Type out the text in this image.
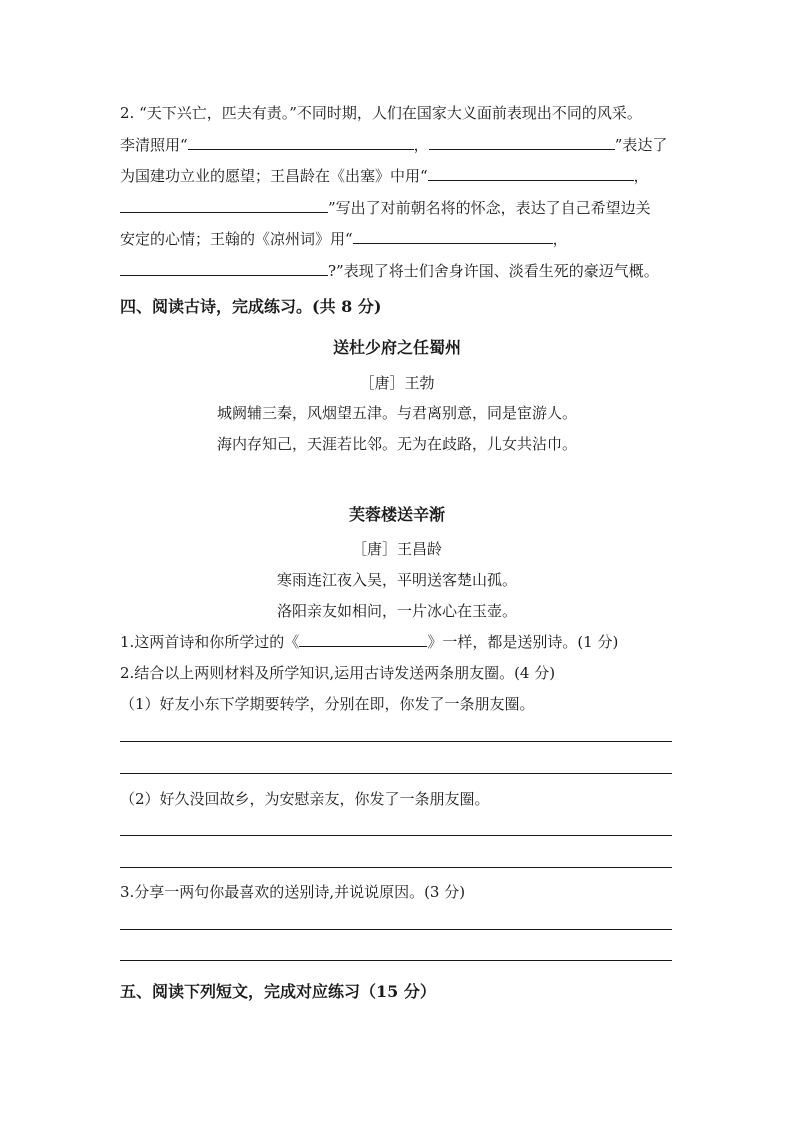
2. “天下兴亡，匹夫有责。”不同时期，人们在国家大义面前表现出不同的风采。
李清照用“	，	”表达了
为国建功立业的愿望；王昌龄在《出塞》中用“	，
”写出了对前朝名将的怀念，表达了自己希望边关
安定的心情；王翰的《凉州词》用“	，
?”表现了将士们舍身许国、淡看生死的豪迈气概。
四、阅读古诗，完成练习。(共 8 分)
送杜少府之任蜀州
［唐］王勃
城阙辅三秦，风烟望五津。与君离别意，同是宦游人。
海内存知己，天涯若比邻。无为在歧路，儿女共沾巾。
芙蓉楼送辛渐
［唐］王昌龄
寒雨连江夜入吴，平明送客楚山孤。
洛阳亲友如相问，一片冰心在玉壶。
1.这两首诗和你所学过的《	》一样，都是送别诗。(1 分)
2.结合以上两则材料及所学知识,运用古诗发送两条朋友圈。(4 分)
（1）好友小东下学期要转学，分别在即，你发了一条朋友圈。
（2）好久没回故乡，为安慰亲友，你发了一条朋友圈。
3.分享一两句你最喜欢的送别诗,并说说原因。(3 分)
五、阅读下列短文，完成对应练习（15 分）
